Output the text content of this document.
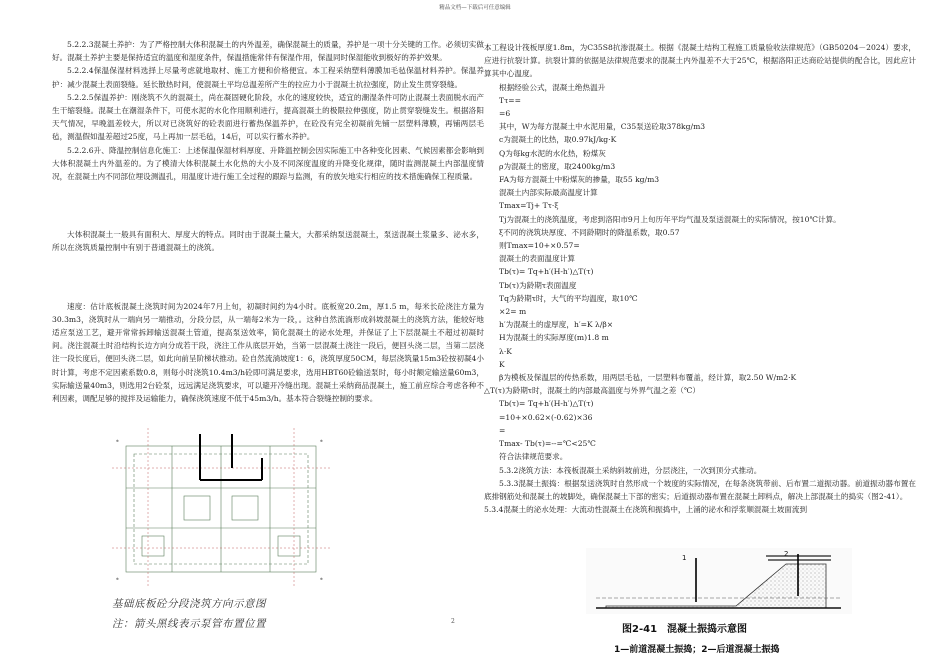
精品文档—下载后可任意编辑

5.2.2.3混凝土养护：为了严格控制大体积混凝土的内外温差，确保混凝土的质量，养护是一项十分关键的工作。必须切实做好。混凝土养护主要是保持适宜的温度和湿度条件，保温措施常伴有保湿作用，保温同时保湿能收到极好的养护效果。

5.2.2.4保温保湿材料选择上尽量考虑就地取材、施工方便和价格便宜。本工程采纳塑料薄膜加毛毡保温材料养护。保温养护：减少混凝土表面裂缝。延长散热时间，使混凝土平均总温差所产生的拉应力小于混凝土抗拉强度，防止发生贯穿裂缝。

5.2.2.5保温养护：刚浇筑不久的混凝土，尚在凝固硬化阶段，水化的速度较快，适宜的潮湿条件可防止混凝土表面脱水而产生干缩裂缝。混凝土在潮湿条件下，可使水泥的水化作用顺利进行，提高混凝土的极限拉伸强度，防止贯穿裂缝发生。根据洛阳天气情况，早晚温差较大，所以对已浇筑好的砼表面进行蓄热保温养护，在砼没有完全初凝前先铺一层塑料薄膜，再铺两层毛毡，测温假如温差超过25度，马上再加一层毛毡，14后，可以实行蓄水养护。

5.2.2.6升、降温控制信息化施工：上述保温保湿材料厚度、升降温控制会因实际施工中各种变化因素、气候因素都会影响到大体积混凝土内外温差的。为了模清大体积混凝土水化热的大小及不同深度温度的升降变化规律，随时监测混凝土内部温度情况，在混凝土内不同部位埋设测温孔，用温度计进行施工全过程的跟踪与监测，有的放矢地实行相应的技术措施确保工程质量。

大体积混凝土一般具有面积大、厚度大的特点。同时由于混凝土量大，大都采纳泵送混凝土，泵送混凝土浆量多、泌水多，所以在浇筑质量控制中有别于普通混凝土的浇筑。

速度：估计底板混凝土浇筑时间为2024年7月上旬，初凝时间约为4小时。底板宽20.2m，厚1.5 m，每米长砼浇注方量为30.3m3，浇筑时从一端向另一端推动，分段分层，从一端每2米为一段，。这种自然流淌形成斜坡混凝土的浇筑方法，能较好地适应泵送工艺，避开常常拆卸输送混凝土管道，提高泵送效率，简化混凝土的泌水处理，并保证了上下层混凝土不超过初凝时间。浇注混凝土时沿结构长边方向分成若干段，浇注工作从底层开始，当第一层混凝土浇注一段后，便回头浇二层，当第二层浇注一段长度后，便回头浇二层，如此向前呈阶梯状推动。砼自然流淌坡度1：6，浇筑厚度50CM，每层浇筑量15m3砼按初凝4小时计算，考虑不定因素系数0.8，则每小时浇筑10.4m3/h砼即可满足要求，选用HBT60砼输送泵时，每小时额定输送量60m3，实际输送量40m3，则选用2台砼泵，远远满足浇筑要求，可以避开冷缝出现。混凝土采纳商品混凝土，施工前应综合考虑各种不利因素，调配足够的搅拌及运输能力，确保浇筑速度不低于45m3/h。基本符合裂缝控制的要求。

⊕	⊕
⊕	⊕
基础底板砼分段浇筑方向示意图
注：箭头黑线表示泵管布置位置	2

本工程设计筏板厚度1.8m，为C35S8抗渗混凝土。根据《混凝土结构工程施工质量验收法律规范》（GB50204－2024）要求，应进行抗裂计算。抗裂计算的依据是法律规范要求的混凝土内外温差不大于25℃，根据洛阳正达商砼站提供的配合比，因此应计算其中心温度。

根据经验公式，混凝土绝热温升

Tτ==

=6

其中，W为每方混凝土中水泥用量，C35泵送砼取378kg/m3

c为混凝土的比热，取0.97kJ/kg·K

Q为每kg水泥的水化热，粉煤灰

ρ为混凝土的密度，取2400kg/m3

FA为每方混凝土中粉煤灰的掺量，取55 kg/m3

混凝土内部实际最高温度计算

Tmax=Tj+ Tτ·ξ

Tj为混凝土的浇筑温度，考虑到洛阳市9月上旬历年平均气温及泵送混凝土的实际情况，按10℃计算。

ξ不同的浇筑块厚度、不同龄期时的降温系数，取0.57

则Tmax=10+×0.57=

混凝土的表面温度计算

Tb(τ)= Tq+h′(H-h′)△T(τ)

Tb(τ)为龄期τ表面温度

Tq为龄期τ时，大气的平均温度，取10℃

×2= m

h′为混凝土的虚厚度，h′=K λ/β×

H为混凝土的实际厚度(m)1.8 m

λ·K

K

β为模板及保温层的传热系数，用两层毛毡，一层塑料布覆盖，经计算，取2.50 W/m2·K

△T(τ)为龄期τ时，混凝土的内部最高温度与外界气温之差（℃）

Tb(τ)= Tq+h′(H-h′)△T(τ)

=10+×0.62×(-0.62)×36

=

Tmax- Tb(τ)=--=℃<25℃

符合法律规范要求。

5.3.2浇筑方法：本筏板混凝土采纳斜坡前进，分层浇注，一次到顶分式推动。

5.3.3混凝土振捣：根据泵送浇筑时自然形成一个坡度的实际情况，在每条浇筑带前、后布置二道振动器。前道振动器布置在底排钢筋处和混凝土的坡脚处，确保混凝土下部的密实；后道振动器布置在混凝土卸料点，解决上部混凝土的捣实（图2-41）。

5.3.4混凝土的泌水处理：大流动性混凝土在浇筑和振捣中，上涌的泌水和浮浆顺混凝土坡面流到

1	2
图2-41　混凝土振捣示意图
1—前道混凝土振捣；2—后道混凝土振捣
